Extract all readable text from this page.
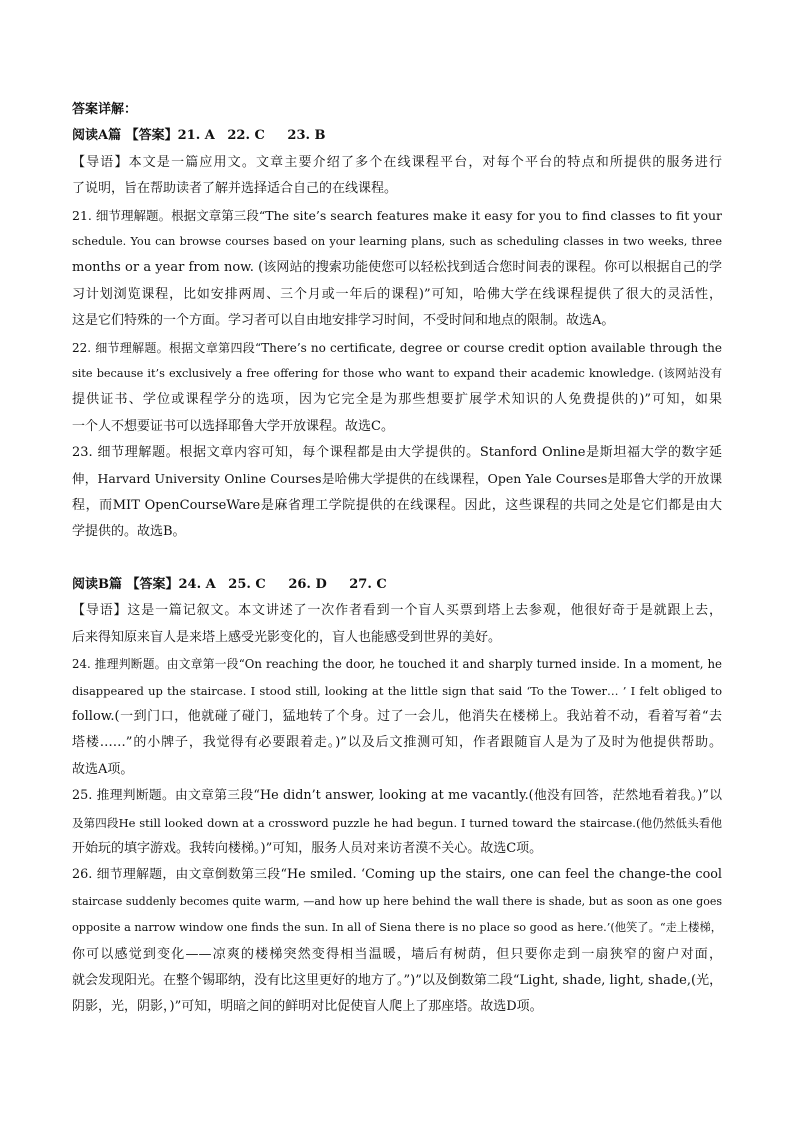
答案详解：
阅读A篇 【答案】21. A 22. C 23. B
【导语】本文是一篇应用文。文章主要介绍了多个在线课程平台，对每个平台的特点和所提供的服务进行
了说明，旨在帮助读者了解并选择适合自己的在线课程。
21. 细节理解题。根据文章第三段“The site’s search features make it easy for you to find classes to fit your
schedule. You can browse courses based on your learning plans, such as scheduling classes in two weeks, three
months or a year from now. (该网站的搜索功能使您可以轻松找到适合您时间表的课程。你可以根据自己的学
习计划浏览课程，比如安排两周、三个月或一年后的课程)”可知，哈佛大学在线课程提供了很大的灵活性，
这是它们特殊的一个方面。学习者可以自由地安排学习时间，不受时间和地点的限制。故选A。
22. 细节理解题。根据文章第四段“There’s no certificate, degree or course credit option available through the
site because it’s exclusively a free offering for those who want to expand their academic knowledge. (该网站没有
提供证书、学位或课程学分的选项，因为它完全是为那些想要扩展学术知识的人免费提供的)”可知，如果
一个人不想要证书可以选择耶鲁大学开放课程。故选C。
23. 细节理解题。根据文章内容可知，每个课程都是由大学提供的。Stanford Online是斯坦福大学的数字延
伸，Harvard University Online Courses是哈佛大学提供的在线课程，Open Yale Courses是耶鲁大学的开放课
程，而MIT OpenCourseWare是麻省理工学院提供的在线课程。因此，这些课程的共同之处是它们都是由大
学提供的。故选B。
阅读B篇 【答案】24. A 25. C 26. D 27. C
【导语】这是一篇记叙文。本文讲述了一次作者看到一个盲人买票到塔上去参观，他很好奇于是就跟上去，
后来得知原来盲人是来塔上感受光影变化的，盲人也能感受到世界的美好。
24. 推理判断题。由文章第一段“On reaching the door, he touched it and sharply turned inside. In a moment, he
disappeared up the staircase. I stood still, looking at the little sign that said ‘To the Tower… ’ I felt obliged to
follow.(一到门口，他就碰了碰门，猛地转了个身。过了一会儿，他消失在楼梯上。我站着不动，看着写着“去
塔楼……”的小牌子，我觉得有必要跟着走。)”以及后文推测可知，作者跟随盲人是为了及时为他提供帮助。
故选A项。
25. 推理判断题。由文章第三段“He didn’t answer, looking at me vacantly.(他没有回答，茫然地看着我。)”以
及第四段He still looked down at a crossword puzzle he had begun. I turned toward the staircase.(他仍然低头看他
开始玩的填字游戏。我转向楼梯。)”可知，服务人员对来访者漠不关心。故选C项。
26. 细节理解题，由文章倒数第三段“He smiled. ‘Coming up the stairs, one can feel the change-the cool
staircase suddenly becomes quite warm, —and how up here behind the wall there is shade, but as soon as one goes
opposite a narrow window one finds the sun. In all of Siena there is no place so good as here.’(他笑了。“走上楼梯，
你可以感觉到变化——凉爽的楼梯突然变得相当温暖，墙后有树荫，但只要你走到一扇狭窄的窗户对面，
就会发现阳光。在整个锡耶纳，没有比这里更好的地方了。”)”以及倒数第二段“Light, shade, light, shade,(光，
阴影，光，阴影，)”可知，明暗之间的鲜明对比促使盲人爬上了那座塔。故选D项。
